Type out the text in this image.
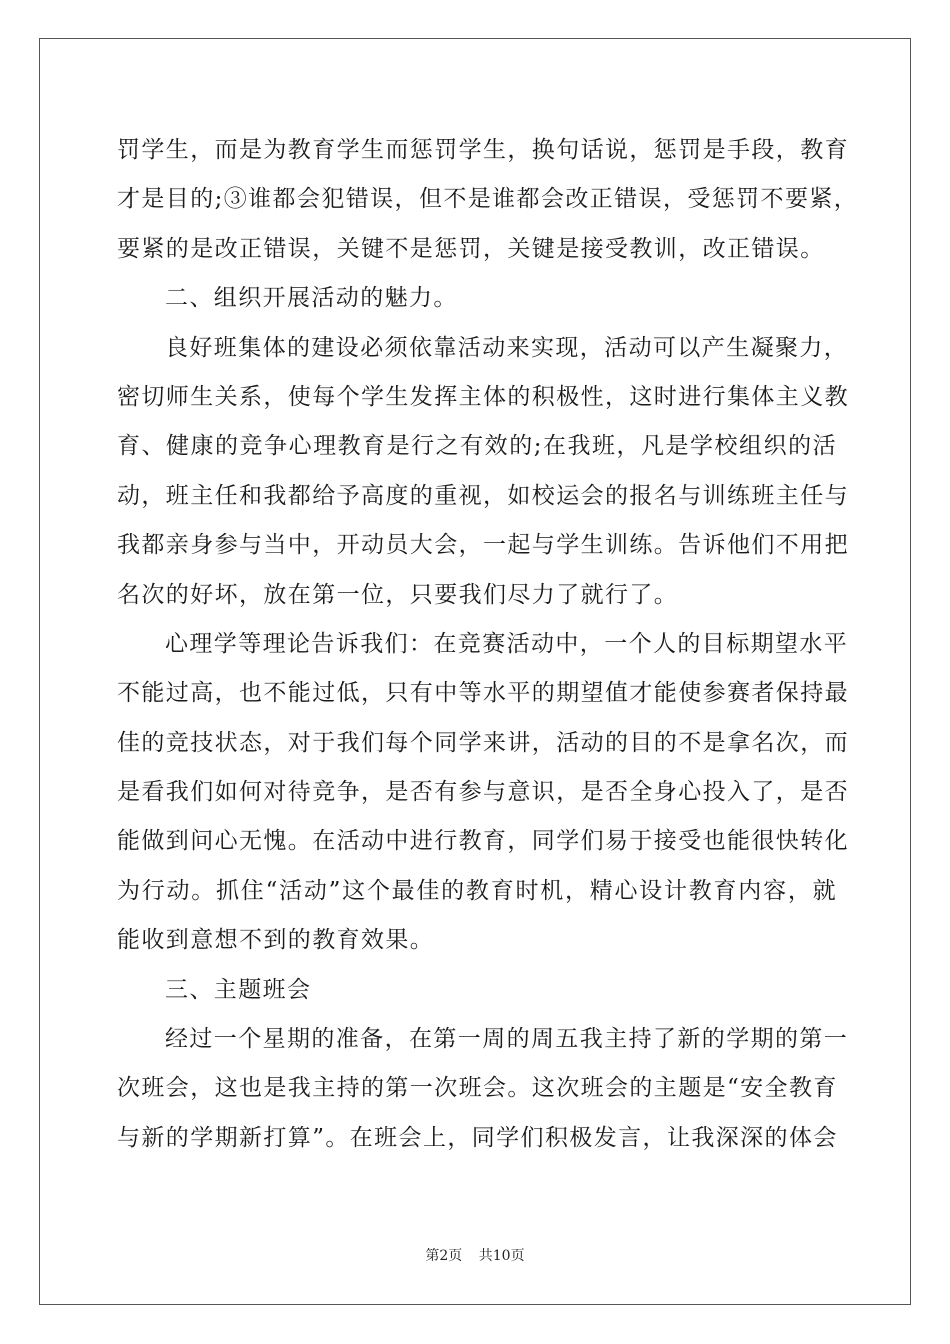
罚学生，而是为教育学生而惩罚学生，换句话说，惩罚是手段，教育
才是目的;③谁都会犯错误，但不是谁都会改正错误，受惩罚不要紧，
要紧的是改正错误，关键不是惩罚，关键是接受教训，改正错误。
二、组织开展活动的魅力。
良好班集体的建设必须依靠活动来实现，活动可以产生凝聚力，
密切师生关系，使每个学生发挥主体的积极性，这时进行集体主义教
育、健康的竞争心理教育是行之有效的;在我班，凡是学校组织的活
动，班主任和我都给予高度的重视，如校运会的报名与训练班主任与
我都亲身参与当中，开动员大会，一起与学生训练。告诉他们不用把
名次的好坏，放在第一位，只要我们尽力了就行了。
心理学等理论告诉我们：在竞赛活动中，一个人的目标期望水平
不能过高，也不能过低，只有中等水平的期望值才能使参赛者保持最
佳的竞技状态，对于我们每个同学来讲，活动的目的不是拿名次，而
是看我们如何对待竞争，是否有参与意识，是否全身心投入了，是否
能做到问心无愧。在活动中进行教育，同学们易于接受也能很快转化
为行动。抓住“活动”这个最佳的教育时机，精心设计教育内容，就
能收到意想不到的教育效果。
三、主题班会
经过一个星期的准备，在第一周的周五我主持了新的学期的第一
次班会，这也是我主持的第一次班会。这次班会的主题是“安全教育
与新的学期新打算”。在班会上，同学们积极发言，让我深深的体会
第2页 共10页
